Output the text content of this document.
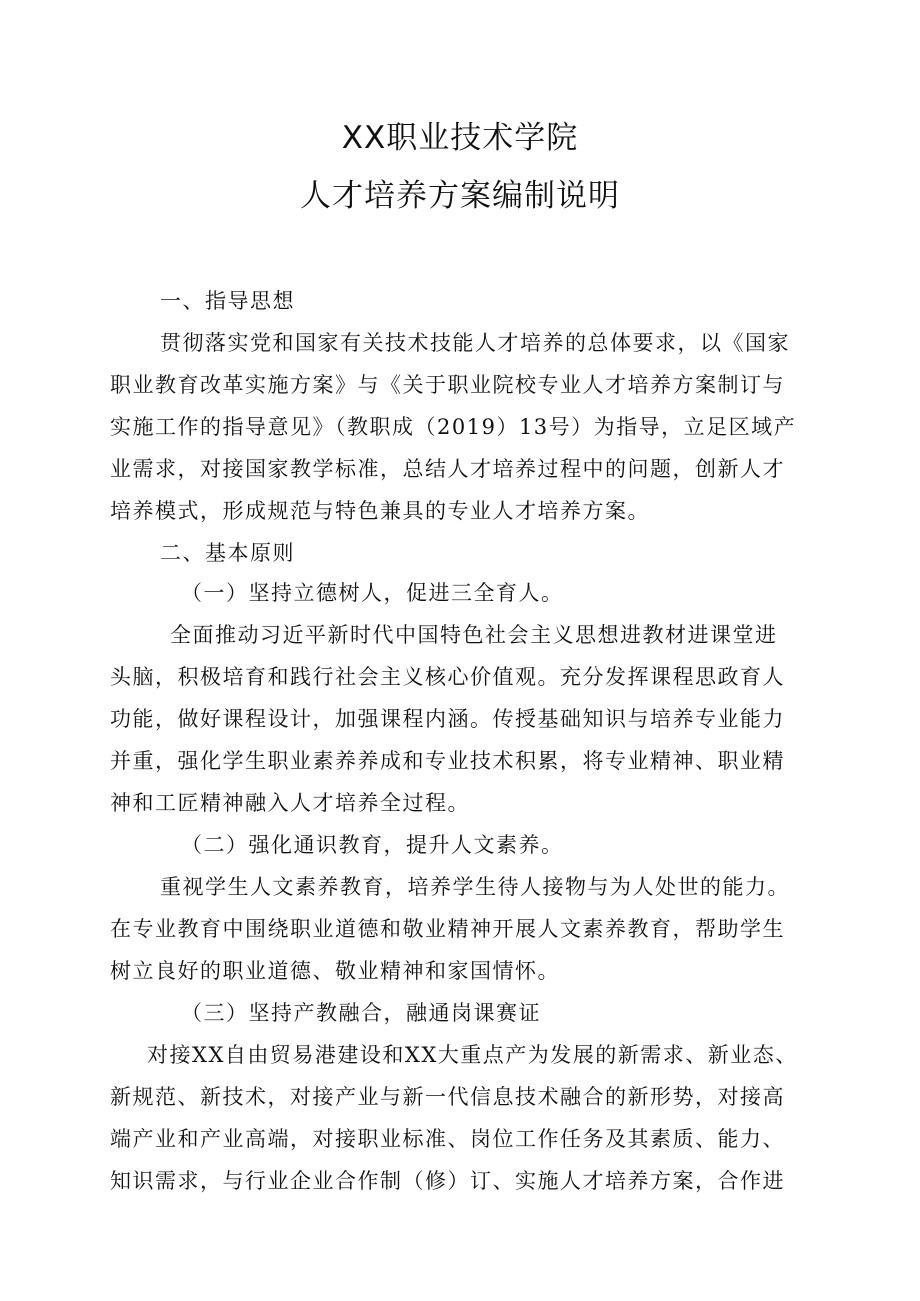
XX职业技术学院
人才培养方案编制说明
一、指导思想
贯彻落实党和国家有关技术技能人才培养的总体要求，以《国家
职业教育改革实施方案》与《关于职业院校专业人才培养方案制订与
实施工作的指导意见》（教职成（2019）13号）为指导，立足区域产
业需求，对接国家教学标准，总结人才培养过程中的问题，创新人才
培养模式，形成规范与特色兼具的专业人才培养方案。
二、基本原则
（一）坚持立德树人，促进三全育人。
全面推动习近平新时代中国特色社会主义思想进教材进课堂进
头脑，积极培育和践行社会主义核心价值观。充分发挥课程思政育人
功能，做好课程设计，加强课程内涵。传授基础知识与培养专业能力
并重，强化学生职业素养养成和专业技术积累，将专业精神、职业精
神和工匠精神融入人才培养全过程。
（二）强化通识教育，提升人文素养。
重视学生人文素养教育，培养学生待人接物与为人处世的能力。
在专业教育中围绕职业道德和敬业精神开展人文素养教育，帮助学生
树立良好的职业道德、敬业精神和家国情怀。
（三）坚持产教融合，融通岗课赛证
对接XX自由贸易港建设和XX大重点产为发展的新需求、新业态、
新规范、新技术，对接产业与新一代信息技术融合的新形势，对接高
端产业和产业高端，对接职业标准、岗位工作任务及其素质、能力、
知识需求，与行业企业合作制（修）订、实施人才培养方案，合作进
